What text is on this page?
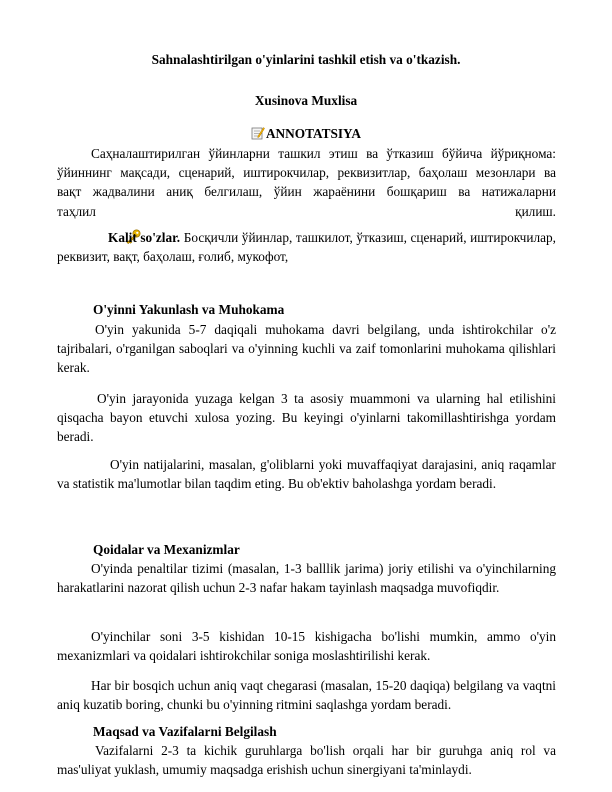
Sahnalashtirilgan o'yinlarini tashkil etish va o'tkazish.
Xusinova Muxlisa
ANNOTATSIYA
Саҳналаштирилган ўйинларни ташкил этиш ва ўтказиш бўйича йўриқнома:
ўйиннинг мақсади, сценарий, иштирокчилар, реквизитлар, баҳолаш мезонлари ва
вақт жадвалини аниқ белгилаш, ўйин жараёнини бошқариш ва натижаларни
таҳлил	қилиш.
Kalit so'zlar. Босқичли ўйинлар, ташкилот, ўтказиш, сценарий, иштирокчилар, реквизит, вақт, баҳолаш, ғолиб, мукофот,
O'yinni Yakunlash va Muhokama
O'yin yakunida 5-7 daqiqali muhokama davri belgilang, unda ishtirokchilar o'z tajribalari, o'rganilgan saboqlari va o'yinning kuchli va zaif tomonlarini muhokama qilishlari kerak.
O'yin jarayonida yuzaga kelgan 3 ta asosiy muammoni va ularning hal etilishini qisqacha bayon etuvchi xulosa yozing. Bu keyingi o'yinlarni takomillashtirishga yordam beradi.
O'yin natijalarini, masalan, g'oliblarni yoki muvaffaqiyat darajasini, aniq raqamlar va statistik ma'lumotlar bilan taqdim eting. Bu ob'ektiv baholashga yordam beradi.
Qoidalar va Mexanizmlar
O'yinda penaltilar tizimi (masalan, 1-3 balllik jarima) joriy etilishi va o'yinchilarning harakatlarini nazorat qilish uchun 2-3 nafar hakam tayinlash maqsadga muvofiqdir.
O'yinchilar soni 3-5 kishidan 10-15 kishigacha bo'lishi mumkin, ammo o'yin mexanizmlari va qoidalari ishtirokchilar soniga moslashtirilishi kerak.
Har bir bosqich uchun aniq vaqt chegarasi (masalan, 15-20 daqiqa) belgilang va vaqtni aniq kuzatib boring, chunki bu o'yinning ritmini saqlashga yordam beradi.
Maqsad va Vazifalarni Belgilash
Vazifalarni 2-3 ta kichik guruhlarga bo'lish orqali har bir guruhga aniq rol va mas'uliyat yuklash, umumiy maqsadga erishish uchun sinergiyani ta'minlaydi.
